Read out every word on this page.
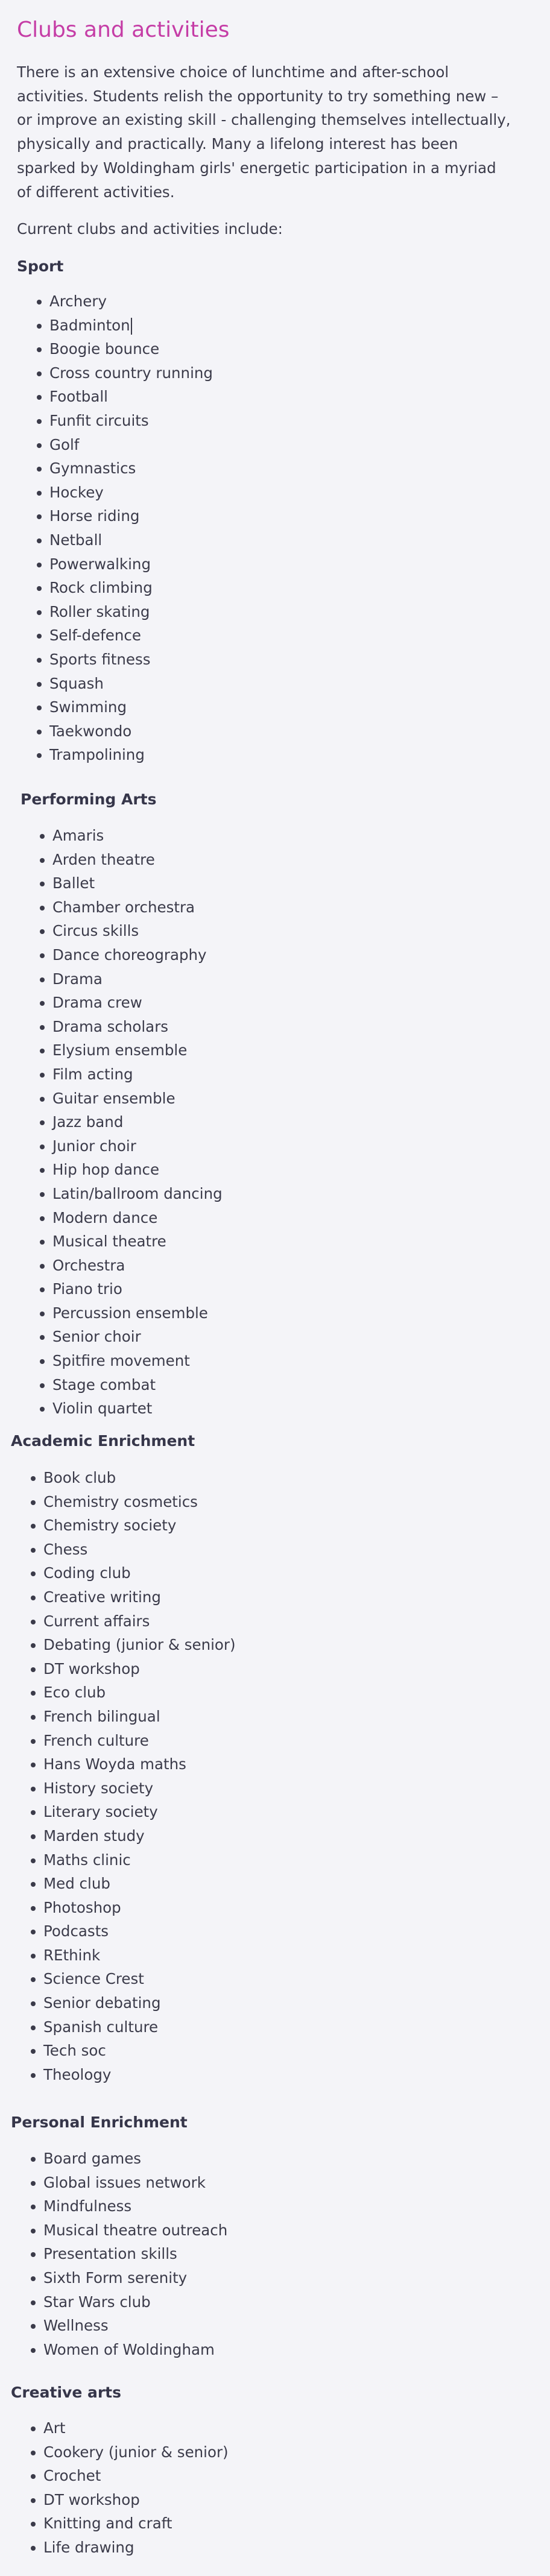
Clubs and activities

There is an extensive choice of lunchtime and after-school
activities. Students relish the opportunity to try something new –
or improve an existing skill - challenging themselves intellectually,
physically and practically. Many a lifelong interest has been
sparked by Woldingham girls' energetic participation in a myriad
of different activities.

Current clubs and activities include:

Sport
Archery
Badminton
Boogie bounce
Cross country running
Football
Funfit circuits
Golf
Gymnastics
Hockey
Horse riding
Netball
Powerwalking
Rock climbing
Roller skating
Self-defence
Sports fitness
Squash
Swimming
Taekwondo
Trampolining
Performing Arts
Amaris
Arden theatre
Ballet
Chamber orchestra
Circus skills
Dance choreography
Drama
Drama crew
Drama scholars
Elysium ensemble
Film acting
Guitar ensemble
Jazz band
Junior choir
Hip hop dance
Latin/ballroom dancing
Modern dance
Musical theatre
Orchestra
Piano trio
Percussion ensemble
Senior choir
Spitfire movement
Stage combat
Violin quartet
Academic Enrichment
Book club
Chemistry cosmetics
Chemistry society
Chess
Coding club
Creative writing
Current affairs
Debating (junior & senior)
DT workshop
Eco club
French bilingual
French culture
Hans Woyda maths
History society
Literary society
Marden study
Maths clinic
Med club
Photoshop
Podcasts
REthink
Science Crest
Senior debating
Spanish culture
Tech soc
Theology
Personal Enrichment
Board games
Global issues network
Mindfulness
Musical theatre outreach
Presentation skills
Sixth Form serenity
Star Wars club
Wellness
Women of Woldingham
Creative arts
Art
Cookery (junior & senior)
Crochet
DT workshop
Knitting and craft
Life drawing
